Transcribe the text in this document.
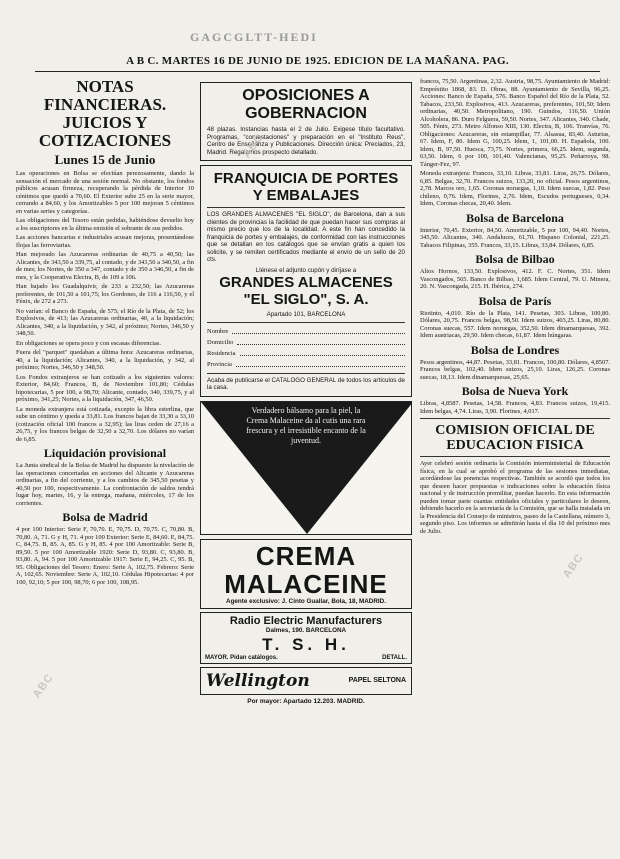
GAGCGLTT-HEDI
A B C. MARTES 16 DE JUNIO DE 1925. EDICION DE LA MAÑANA. PAG.
NOTAS FINANCIERAS. JUICIOS Y COTIZACIONES
Lunes 15 de Junio

Las operaciones en Bolsa se efectúan perezosamente, dando la sensación el mercado de una sesión normal. No obstante, los fondos públicos acusan firmeza, recuperando la pérdida de Interior 10 céntimos que quedó a 70,60. El Exterior sube 25 en la serie mayor, cerrando a 84,60, y los Amortizables 5 por 100 mejoran 5 céntimos en varias series y categorías.

Las obligaciones del Tesoro están pedidas, habiéndose devuelto hoy a los suscriptores en la última emisión el sobrante de sus pedidos.

Las acciones bancarias e industriales acusan mejoras, presentándose flojas las ferroviarias.

Han mejorado las Azucareras ordinarias de 40,75 a 40,50; las Alicantes, de 343,50 a 339,75, al contado, y de 343,50 a 340,50, a fin de mes; los Nortes, de 350 a 347, contado y de 350 a 346,50, a fin de mes, y la Cooperativa Electra, B, de 109 a 106.

Han bajado los Guadalquivir, de 233 a 232,50; las Azucareras preferentes, de 101,50 a 101,75; los Gordones, de 116 a 116,50, y el Fénix, de 272 a 273.

No varían: el Banco de España, de 575; el Río de la Plata, de 52; los Explosivos, de 413; las Azucareras ordinarias, 40, a la liquidación; Alicantes, 340, a la liquidación, y 342, al próximo; Nortes, 346,50 y 348,50.

En obligaciones se opera poco y con escasas diferencias.

Fuera del "parquet" quedaban a última hora: Azucareras ordinarias, 40, a la liquidación; Alicantes, 340, a la liquidación, y 342, al próximo; Nortes, 346,50 y 348,50.

Los Fondos extranjeros se han cotizado a los siguientes valores: Exterior, 84,60; Francos, B, de Noviembre 101,80; Cédulas hipotecarias, 5 por 100, a 98,70; Alicante, contado, 340, 339,75, y al próximo, 341,25; Nortes, a la liquidación, 347, 46,50.

La moneda extranjera está cotizada, excepto la libra esterlina, que sube un céntimo y queda a 33,81. Los francos bajan de 33,30 a 33,10 (cotización oficial 100 francos a 32,95); las liras ceden de 27,16 a 26,75, y los francos belgas de 32,50 a 32,70. Los dólares no varían de 6,85.

Liquidación provisional

La Junta sindical de la Bolsa de Madrid ha dispuesto la nivelación de las operaciones concertadas en acciones del Alicante y Azucareras ordinarias, a fin del corriente, y a los cambios de 345,50 pesetas y 40,50 por 100, respectivamente. La confrontación de saldos tendrá lugar hoy, martes, 16, y la entrega, mañana, miércoles, 17 de los corrientes.

Bolsa de Madrid

4 por 100 Interior: Serie F, 70,70. E, 70,75. D, 70,75. C, 70,80. B, 70,80. A, 71. G y H, 71. 4 por 100 Exterior: Serie E, 84,60. E, 84,75. C, 84,75. B, 85. A, 85. G y H, 85. 4 por 100 Amortizable: Serie B, 89,50. 5 por 100 Amortizable 1920: Serie D, 93,80. C, 93,80. B, 93,80. A, 94. 5 por 100 Amortizable 1917: Serie E, 94,25. C, 95. B, 95. Obligaciones del Tesoro: Enero: Serie A, 102,75. Febrero: Serie A, 102,65. Noviembre: Serie A, 102,10. Cédulas Hipotecarias: 4 por 100, 92,10; 5 por 100, 98,70; 6 por 100, 108,95.

OPOSICIONES A GOBERNACION

48 plazas. Instancias hasta el 2 de Julio. Exigese título facultativo. Programas, "contestaciones" y preparación en el "Instituto Reus", Centro de Enseñanza y Publicaciones. Dirección única: Preciados, 23, Madrid. Regalamos prospecto detallado.

FRANQUICIA DE PORTES Y EMBALAJES

LOS GRANDES ALMACENES "EL SIGLO", de Barcelona, dan a sus clientes de provincias la facilidad de que puedan hacer sus compras al mismo precio que los de la localidad. A este fin han concedido la franquicia de portes y embalajes, de conformidad con las instrucciones que se detallan en los catálogos que se envían gratis a quien los solicite, y se remiten certificados mediante el envío de un sello de 20 cts.

Llénese el adjunto cupón y diríjase a

GRANDES ALMACENES "EL SIGLO", S. A.

Apartado 101, BARCELONA

Nombre
Domicilio
Residencia
Provincia

Acaba de publicarse el CATALOGO GENERAL de todos los artículos de la casa.

Verdadero bálsamo para la piel, la Crema Malaceine da al cutis una rara frescura y el irresistible encanto de la juventud.
CREMA MALACEINE
Agente exclusivo: J. Cinto Guallar, Bola, 18, MADRID.
Radio Electric Manufacturers
Dalmes, 190. BARCELONA
T. S. H.
MAYOR. Pidan catálogos.	DETALL.
Wellington	PAPEL SELTONA
Por mayor: Apartado 12.203. MADRID.

francos, 75,50. Argentinas, 2,32. Austria, 98,75. Ayuntamiento de Madrid: Empréstito 1868, 83. D. Obras, 88. Ayuntamiento de Sevilla, 96,25. Acciones: Banco de España, 576. Banco Español del Río de la Plata, 52. Tabacos, 233,50. Explosivos, 413. Azucareras, preferentes, 101,50; Idem ordinarias, 40,50. Metropolitano, 190. Guindos, 116,50. Unión Alcoholera, 86. Duro Felguera, 59,50. Nortes, 347. Alicantes, 340. Chade, 505. Fénix, 273. Metro Alfonso XIII, 130. Electra, B, 106. Tranvías, 76. Obligaciones: Azucareras, sin estampillar, 77. Alsasua, 83,40. Asturias, 67. Idem, F, 80. Idem G, 100,25. Idem, 1, 101,00. H. Española, 100. Idem, B, 97,50. Huesca, 73,75. Nortes, primera, 66,25. Idem, segunda, 63,50. Idem, 6 por 100, 101,40. Valencianas, 95,25. Peñarroya, 98. Tánger-Fez, 97.

Moneda extranjera: Francos, 33,10. Libras, 33,81. Liras, 26,75. Dólares, 6,85. Belgas, 32,70. Francos suizos, 133,20, no oficial. Pesos argentinos, 2,78. Marcos oro, 1,65. Coronas noruegas, 1,10. Idem suecas, 1,82. Peso chileno, 0,76. Idem, Florines, 2,76. Idem, Escudos portugueses, 0,34. Idem, Coronas checas, 20,40. Idem.

Bolsa de Barcelona

Interior, 70,45. Exterior, 84,50. Amortizable, 5 por 100, 94,40. Nortes, 345,50. Alicantes, 340. Andaluces, 61,70. Hispano Colonial, 221,25. Tabacos Filipinas, 355. Francos, 33,15. Libras, 33,84. Dólares, 6,85.

Bolsa de Bilbao

Altos Hornos, 133,50. Explosivos, 412. F. C. Nortes, 351. Idem Vascongados, 565. Banco de Bilbao, 1,685. Idem Central, 79. U. Minera, 20. N. Vascongada, 215. H. Ibérica, 274.

Bolsa de París

Riotinto, 4,010. Río de la Plata, 141. Pesetas, 303. Libras, 100,80. Dólares, 20,75. Francos belgas, 98,50. Idem suizos, 403,25. Liras, 80,80. Coronas suecas, 557. Idem noruegas, 352,50. Idem dinamarquesas, 392. Idem austriacas, 29,50. Idem checas, 61,87. Idem húngaras.

Bolsa de Londres

Pesos argentinos, 44,87. Pesetas, 33,81. Francos, 100,80. Dólares, 4,8507. Francos belgas, 102,40. Idem suizos, 25,10. Liras, 126,25. Coronas suecas, 18,13. Idem dinamarquesas, 25,65.

Bolsa de Nueva York

Libras, 4,8587. Pesetas, 14,58. Francos, 4,83. Francos suizos, 19,415. Idem belgas, 4,74. Liras, 3,90. Florines, 4,017.

COMISION OFICIAL DE EDUCACION FISICA

Ayer celebró sesión ordinaria la Comisión interministerial de Educación física, en la cual se aprobó el programa de las sesiones inmediatas, acordándose las ponencias respectivas. También se acordó que todos los que deseen hacer propuestas o indicaciones sobre la educación física nacional y de instrucción premilitar, puedan hacerlo. En esta información pueden tomar parte cuantas entidades oficiales y particulares lo deseen, debiendo hacerlo en la secretaría de la Comisión, que se halla instalada en la Presidencia del Consejo de ministros, paseo de la Castellana, número 3, segundo piso. Los informes se admitirán hasta el día 10 del próximo mes de Julio.

ABC
ABC
ABC
